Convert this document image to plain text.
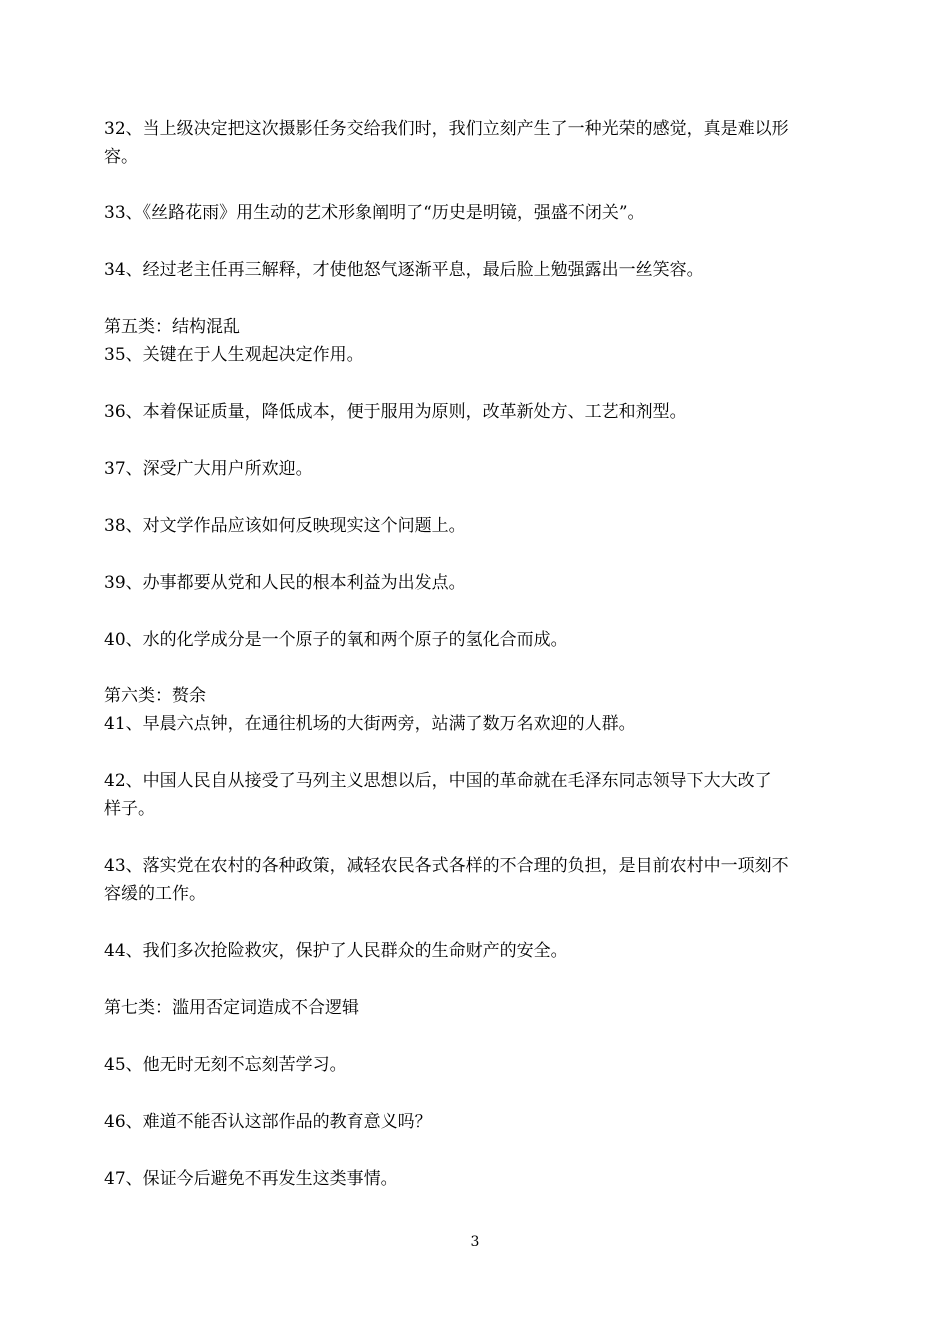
32、当上级决定把这次摄影任务交给我们时，我们立刻产生了一种光荣的感觉，真是难以形
容。
33、《丝路花雨》用生动的艺术形象阐明了“历史是明镜，强盛不闭关”。
34、经过老主任再三解释，才使他怒气逐渐平息，最后脸上勉强露出一丝笑容。
第五类：结构混乱
35、关键在于人生观起决定作用。
36、本着保证质量，降低成本，便于服用为原则，改革新处方、工艺和剂型。
37、深受广大用户所欢迎。
38、对文学作品应该如何反映现实这个问题上。
39、办事都要从党和人民的根本利益为出发点。
40、水的化学成分是一个原子的氧和两个原子的氢化合而成。
第六类：赘余
41、早晨六点钟，在通往机场的大街两旁，站满了数万名欢迎的人群。
42、中国人民自从接受了马列主义思想以后，中国的革命就在毛泽东同志领导下大大改了
样子。
43、落实党在农村的各种政策，减轻农民各式各样的不合理的负担，是目前农村中一项刻不
容缓的工作。
44、我们多次抢险救灾，保护了人民群众的生命财产的安全。
第七类：滥用否定词造成不合逻辑
45、他无时无刻不忘刻苦学习。
46、难道不能否认这部作品的教育意义吗？
47、保证今后避免不再发生这类事情。
3
